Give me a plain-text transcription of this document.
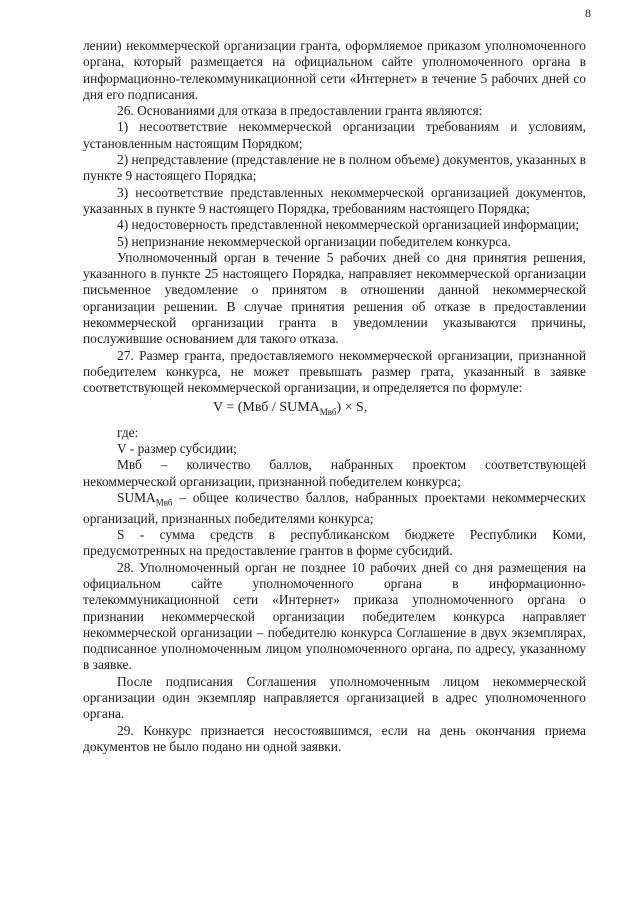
8

лении) некоммерческой организации гранта, оформляемое приказом уполномоченного органа, который размещается на официальном сайте уполномоченного органа в информационно-телекоммуникационной сети «Интернет» в течение 5 рабочих дней со дня его подписания.

26. Основаниями для отказа в предоставлении гранта являются:

1) несоответствие некоммерческой организации требованиям и условиям, установленным настоящим Порядком;

2) непредставление (представление не в полном объеме) документов, указанных в пункте 9 настоящего Порядка;

3) несоответствие представленных некоммерческой организацией документов, указанных в пункте 9 настоящего Порядка, требованиям настоящего Порядка;

4) недостоверность представленной некоммерческой организацией информации;

5) непризнание некоммерческой организации победителем конкурса.

Уполномоченный орган в течение 5 рабочих дней со дня принятия решения, указанного в пункте 25 настоящего Порядка, направляет некоммерческой организации письменное уведомление о принятом в отношении данной некоммерческой организации решении. В случае принятия решения об отказе в предоставлении некоммерческой организации гранта в уведомлении указываются причины, послужившие основанием для такого отказа.

27. Размер гранта, предоставляемого некоммерческой организации, признанной победителем конкурса, не может превышать размер грата, указанный в заявке соответствующей некоммерческой организации, и определяется по формуле:

$V = (Mвб / SUMA_{Mвб}) \times S$,

где:

V - размер субсидии;

Mвб – количество баллов, набранных проектом соответствующей некоммерческой организации, признанной победителем конкурса;

$SUMA_{Mвб}$ – общее количество баллов, набранных проектами некоммерческих организаций, признанных победителями конкурса;

S - сумма средств в республиканском бюджете Республики Коми, предусмотренных на предоставление грантов в форме субсидий.

28. Уполномоченный орган не позднее 10 рабочих дней со дня размещения на официальном сайте уполномоченного органа в информационно-телекоммуникационной сети «Интернет» приказа уполномоченного органа о признании некоммерческой организации победителем конкурса направляет некоммерческой организации – победителю конкурса Соглашение в двух экземплярах, подписанное уполномоченным лицом уполномоченного органа, по адресу, указанному в заявке.

После подписания Соглашения уполномоченным лицом некоммерческой организации один экземпляр направляется организацией в адрес уполномоченного органа.

29. Конкурс признается несостоявшимся, если на день окончания приема документов не было подано ни одной заявки.
